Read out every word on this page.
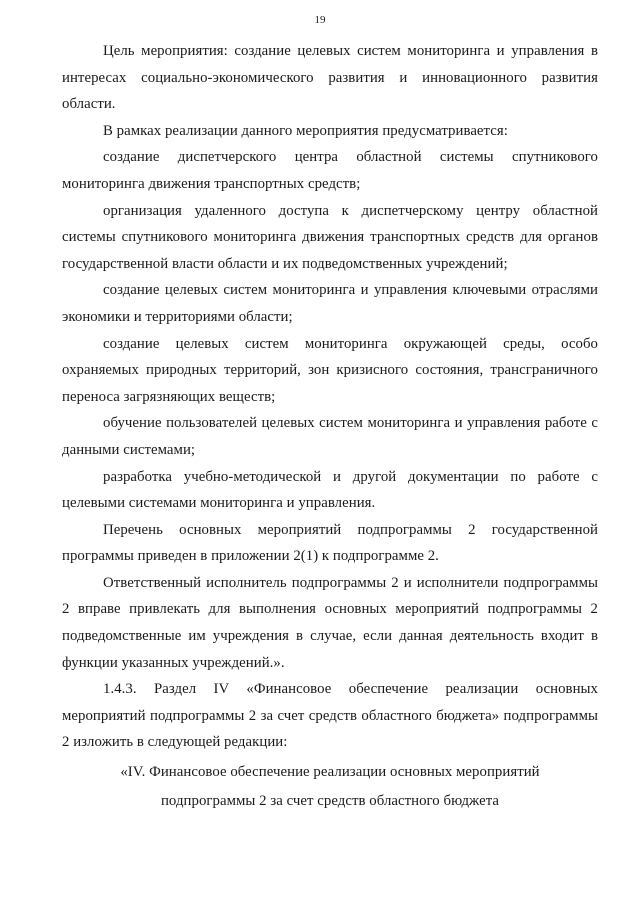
19

Цель мероприятия: создание целевых систем мониторинга и управления в интересах социально-экономического развития и инновационного развития области.

В рамках реализации данного мероприятия предусматривается:

создание диспетчерского центра областной системы спутникового мониторинга движения транспортных средств;

организация удаленного доступа к диспетчерскому центру областной системы спутникового мониторинга движения транспортных средств для органов государственной власти области и их подведомственных учреждений;

создание целевых систем мониторинга и управления ключевыми отраслями экономики и территориями области;

создание целевых систем мониторинга окружающей среды, особо охраняемых природных территорий, зон кризисного состояния, трансграничного переноса загрязняющих веществ;

обучение пользователей целевых систем мониторинга и управления работе с данными системами;

разработка учебно-методической и другой документации по работе с целевыми системами мониторинга и управления.

Перечень основных мероприятий подпрограммы 2 государственной программы приведен в приложении 2(1) к подпрограмме 2.

Ответственный исполнитель подпрограммы 2 и исполнители подпрограммы 2 вправе привлекать для выполнения основных мероприятий подпрограммы 2 подведомственные им учреждения в случае, если данная деятельность входит в функции указанных учреждений.».

1.4.3. Раздел IV «Финансовое обеспечение реализации основных мероприятий подпрограммы 2 за счет средств областного бюджета» подпрограммы 2 изложить в следующей редакции:

«IV. Финансовое обеспечение реализации основных мероприятий
подпрограммы 2 за счет средств областного бюджета
